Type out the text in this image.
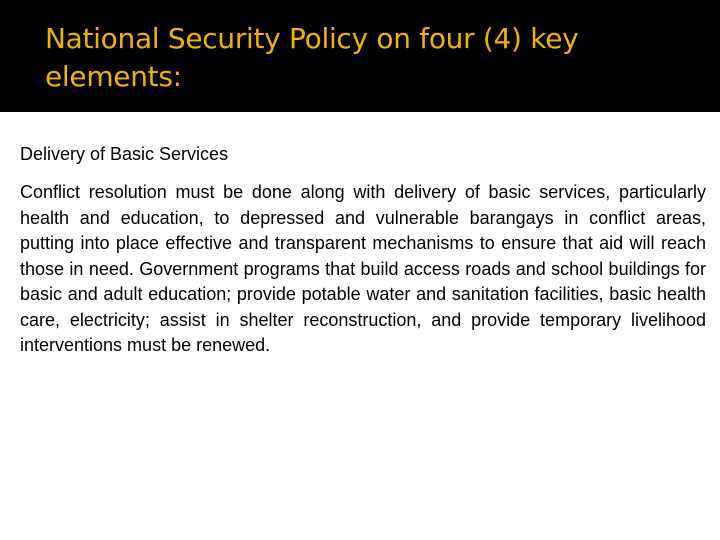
National Security Policy on four (4) key elements:

Delivery of Basic Services

Conflict resolution must be done along with delivery of basic services, particularly health and education, to depressed and vulnerable barangays in conflict areas, putting into place effective and transparent mechanisms to ensure that aid will reach those in need. Government programs that build access roads and school buildings for basic and adult education; provide potable water and sanitation facilities, basic health care, electricity; assist in shelter reconstruction, and provide temporary livelihood interventions must be renewed.
